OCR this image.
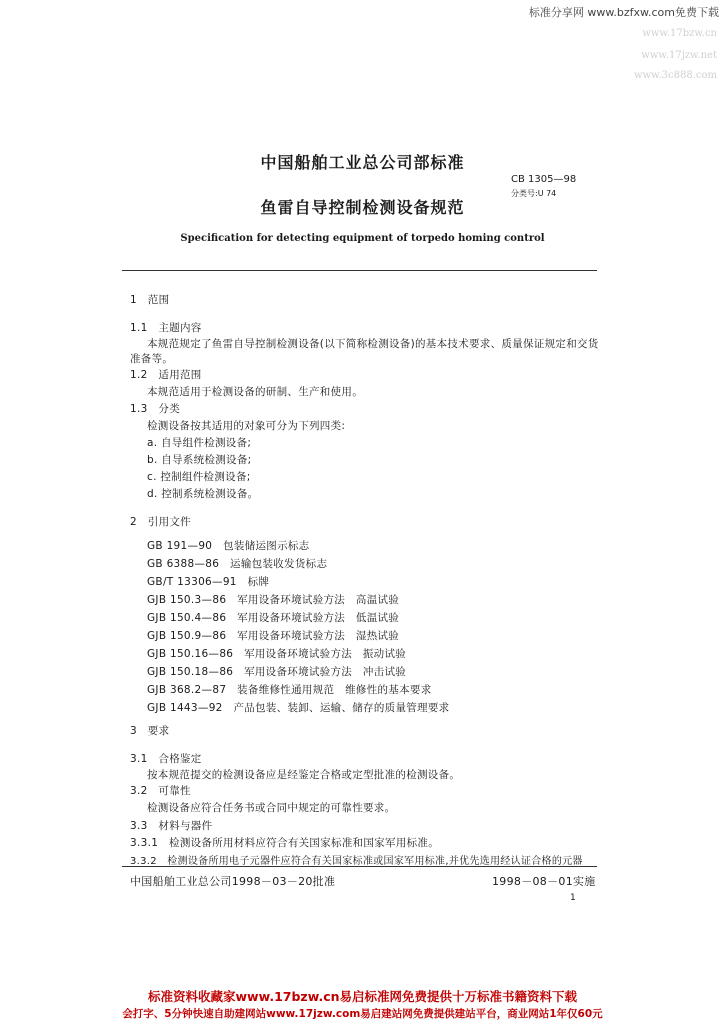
标准分享网 www.bzfxw.com免费下载
www.17bzw.cn
www.17jzw.net
www.3c888.com
中国船舶工业总公司部标准
CB 1305—98
分类号:U 74
鱼雷自导控制检测设备规范
Specification for detecting equipment of torpedo homing control
1　范围
1.1　主题内容
本规范规定了鱼雷自导控制检测设备(以下简称检测设备)的基本技术要求、质量保证规定和交货
准备等。
1.2　适用范围
本规范适用于检测设备的研制、生产和使用。
1.3　分类
检测设备按其适用的对象可分为下列四类:
a. 自导组件检测设备;
b. 自导系统检测设备;
c. 控制组件检测设备;
d. 控制系统检测设备。
2　引用文件
GB 191—90　包装储运图示标志
GB 6388—86　运输包装收发货标志
GB/T 13306—91　标牌
GJB 150.3—86　军用设备环境试验方法　高温试验
GJB 150.4—86　军用设备环境试验方法　低温试验
GJB 150.9—86　军用设备环境试验方法　湿热试验
GJB 150.16—86　军用设备环境试验方法　振动试验
GJB 150.18—86　军用设备环境试验方法　冲击试验
GJB 368.2—87　装备维修性通用规范　维修性的基本要求
GJB 1443—92　产品包装、装卸、运输、储存的质量管理要求
3　要求
3.1　合格鉴定
按本规范提交的检测设备应是经鉴定合格或定型批准的检测设备。
3.2　可靠性
检测设备应符合任务书或合同中规定的可靠性要求。
3.3　材料与器件
3.3.1　检测设备所用材料应符合有关国家标准和国家军用标准。
3.3.2　检测设备所用电子元器件应符合有关国家标准或国家军用标准,并优先选用经认证合格的元器
中国船舶工业总公司1998－03－20批准	1998－08－01实施
1
标准资料收藏家www.17bzw.cn易启标准网免费提供十万标准书籍资料下载
会打字、5分钟快速自助建网站www.17jzw.com易启建站网免费提供建站平台，商业网站1年仅60元
